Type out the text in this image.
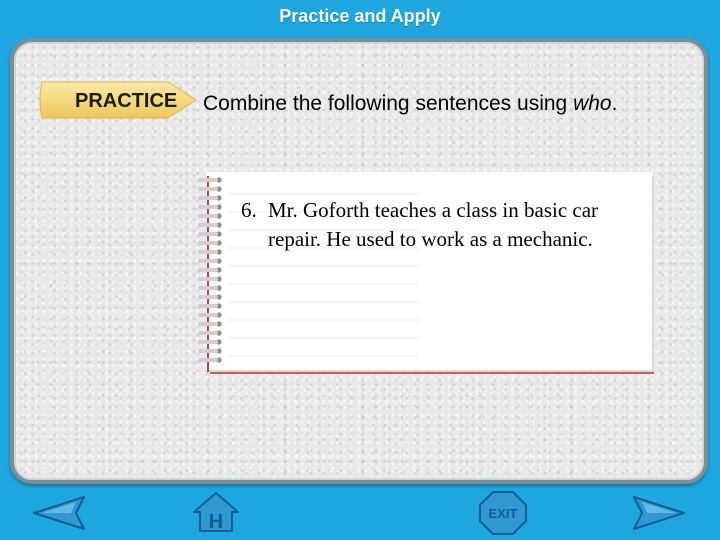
Practice and Apply
PRACTICE Combine the following sentences using who.
6. Mr. Goforth teaches a class in basic car repair. He used to work as a mechanic.
H	EXIT
